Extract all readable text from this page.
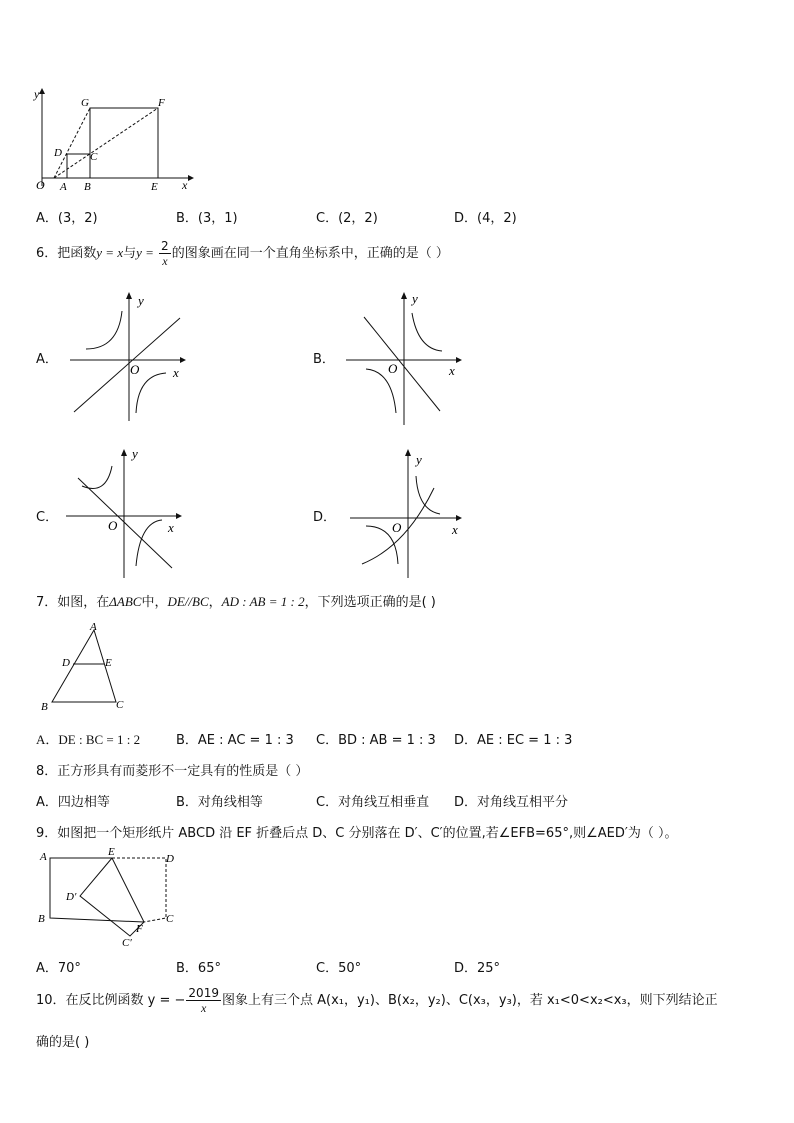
y
x
O A B	E
D	C
G	F
A．(3，2)	B．(3，1)	C．(2，2)	D．(4，2)
6．把函数y = x与$y = \frac{2}{x}$ 的图象画在同一个直角坐标系中，正确的是（ ）
A．
y
x
O
B．
y
x
O
C．
y
x
O
D．
y
x
O
7．如图，在ΔABC中，DE//BC，AD : AB = 1 : 2，下列选项正确的是( )
A
D	E
B	C
A．DE : BC = 1 : 2	B．AE : AC = 1 : 3 C．BD : AB = 1 : 3 D．AE : EC = 1 : 3
8．正方形具有而菱形不一定具有的性质是（ ）
A．四边相等	B．对角线相等	C．对角线互相垂直 D．对角线互相平分
9．如图把一个矩形纸片 ABCD 沿 EF 折叠后点 D、C 分别落在 D′、C′的位置,若∠EFB=65°,则∠AED′为（ ）。
A	E
D
D′
B
F
C
C′
A．70°	B．65°	C．50°	D．25°
10．在反比例函数 y = − $\frac{2019}{x}$ 图象上有三个点 A(x₁，y₁)、B(x₂，y₂)、C(x₃，y₃)，若 x₁<0<x₂<x₃，则下列结论正
确的是( )
